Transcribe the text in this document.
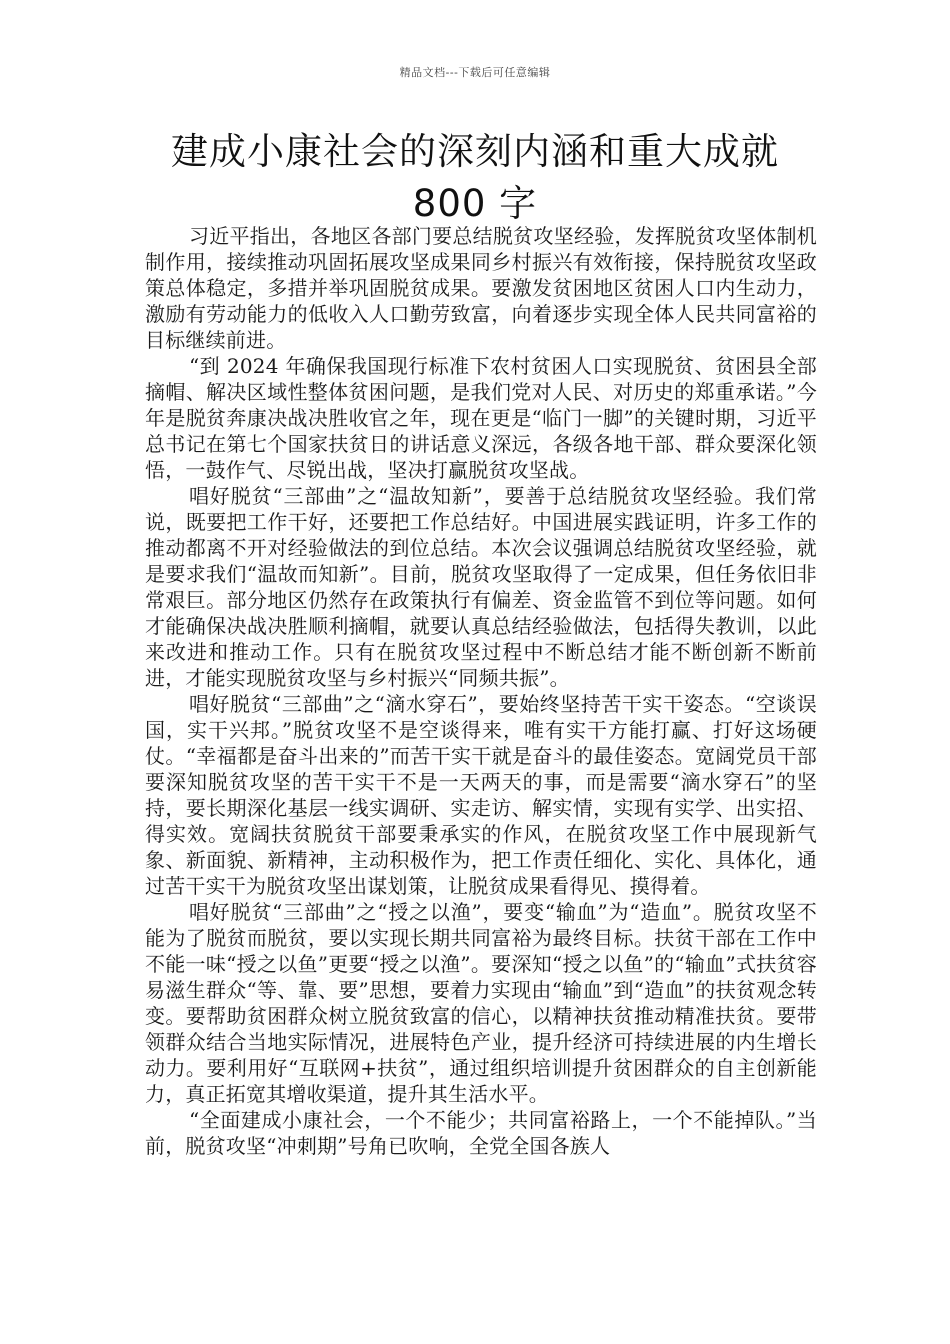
精品文档---下载后可任意编辑
建成小康社会的深刻内涵和重大成就
800 字

习近平指出，各地区各部门要总结脱贫攻坚经验，发挥脱贫攻坚体制机制作用，接续推动巩固拓展攻坚成果同乡村振兴有效衔接，保持脱贫攻坚政策总体稳定，多措并举巩固脱贫成果。要激发贫困地区贫困人口内生动力，激励有劳动能力的低收入人口勤劳致富，向着逐步实现全体人民共同富裕的目标继续前进。

“到 2024 年确保我国现行标准下农村贫困人口实现脱贫、贫困县全部摘帽、解决区域性整体贫困问题，是我们党对人民、对历史的郑重承诺。”今年是脱贫奔康决战决胜收官之年，现在更是“临门一脚”的关键时期，习近平总书记在第七个国家扶贫日的讲话意义深远，各级各地干部、群众要深化领悟，一鼓作气、尽锐出战，坚决打赢脱贫攻坚战。

唱好脱贫“三部曲”之“温故知新”，要善于总结脱贫攻坚经验。我们常说，既要把工作干好，还要把工作总结好。中国进展实践证明，许多工作的推动都离不开对经验做法的到位总结。本次会议强调总结脱贫攻坚经验，就是要求我们“温故而知新”。目前，脱贫攻坚取得了一定成果，但任务依旧非常艰巨。部分地区仍然存在政策执行有偏差、资金监管不到位等问题。如何才能确保决战决胜顺利摘帽，就要认真总结经验做法，包括得失教训，以此来改进和推动工作。只有在脱贫攻坚过程中不断总结才能不断创新不断前进，才能实现脱贫攻坚与乡村振兴“同频共振”。

唱好脱贫“三部曲”之“滴水穿石”，要始终坚持苦干实干姿态。“空谈误国，实干兴邦。”脱贫攻坚不是空谈得来，唯有实干方能打赢、打好这场硬仗。“幸福都是奋斗出来的”而苦干实干就是奋斗的最佳姿态。宽阔党员干部要深知脱贫攻坚的苦干实干不是一天两天的事，而是需要“滴水穿石”的坚持，要长期深化基层一线实调研、实走访、解实情，实现有实学、出实招、得实效。宽阔扶贫脱贫干部要秉承实的作风，在脱贫攻坚工作中展现新气象、新面貌、新精神，主动积极作为，把工作责任细化、实化、具体化，通过苦干实干为脱贫攻坚出谋划策，让脱贫成果看得见、摸得着。

唱好脱贫“三部曲”之“授之以渔”，要变“输血”为“造血”。脱贫攻坚不能为了脱贫而脱贫，要以实现长期共同富裕为最终目标。扶贫干部在工作中不能一味“授之以鱼”更要“授之以渔”。要深知“授之以鱼”的“输血”式扶贫容易滋生群众“等、靠、要”思想，要着力实现由“输血”到“造血”的扶贫观念转变。要帮助贫困群众树立脱贫致富的信心，以精神扶贫推动精准扶贫。要带领群众结合当地实际情况，进展特色产业，提升经济可持续进展的内生增长动力。要利用好“互联网+扶贫”，通过组织培训提升贫困群众的自主创新能力，真正拓宽其增收渠道，提升其生活水平。

“全面建成小康社会，一个不能少；共同富裕路上，一个不能掉队。”当前，脱贫攻坚“冲刺期”号角已吹响，全党全国各族人
